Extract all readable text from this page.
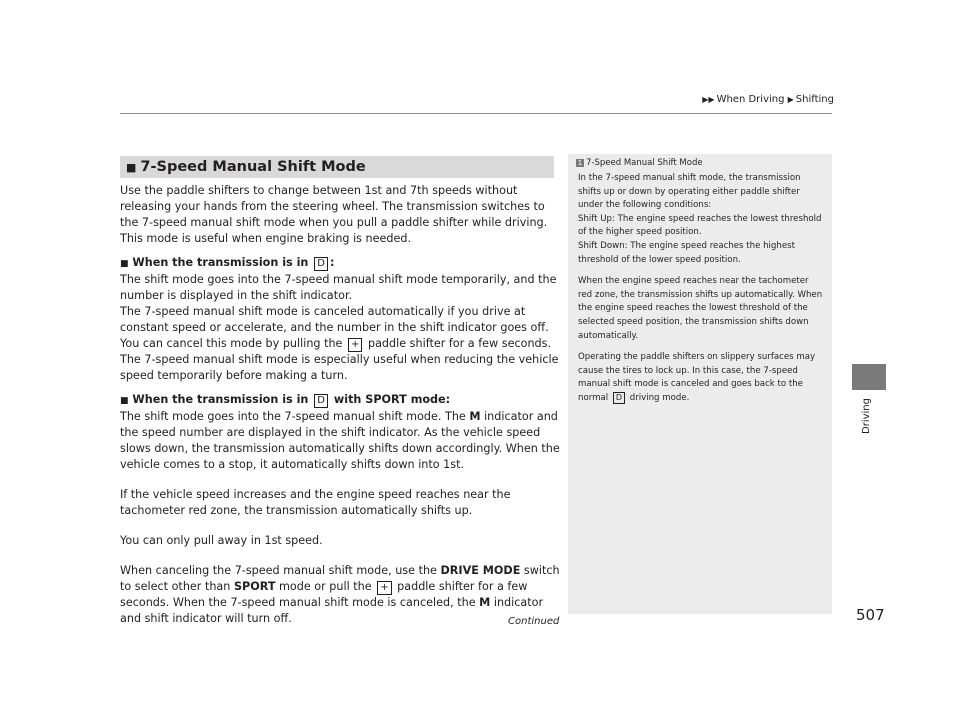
▶▶ When Driving ▶ Shifting
Driving
■ 7-Speed Manual Shift Mode

Use the paddle shifters to change between 1st and 7th speeds without releasing your hands from the steering wheel. The transmission switches to the 7-speed manual shift mode when you pull a paddle shifter while driving. This mode is useful when engine braking is needed.

■ When the transmission is in D :

The shift mode goes into the 7-speed manual shift mode temporarily, and the number is displayed in the shift indicator.

The 7-speed manual shift mode is canceled automatically if you drive at constant speed or accelerate, and the number in the shift indicator goes off.

You can cancel this mode by pulling the + paddle shifter for a few seconds.

The 7-speed manual shift mode is especially useful when reducing the vehicle speed temporarily before making a turn.

■ When the transmission is in D with SPORT mode:

The shift mode goes into the 7-speed manual shift mode. The M indicator and the speed number are displayed in the shift indicator. As the vehicle speed slows down, the transmission automatically shifts down accordingly. When the vehicle comes to a stop, it automatically shifts down into 1st.

If the vehicle speed increases and the engine speed reaches near the tachometer red zone, the transmission automatically shifts up.

You can only pull away in 1st speed.

When canceling the 7-speed manual shift mode, use the DRIVE MODE switch to select other than SPORT mode or pull the + paddle shifter for a few seconds. When the 7-speed manual shift mode is canceled, the M indicator and shift indicator will turn off.

1 7-Speed Manual Shift Mode

In the 7-speed manual shift mode, the transmission shifts up or down by operating either paddle shifter under the following conditions:

Shift Up: The engine speed reaches the lowest threshold of the higher speed position.

Shift Down: The engine speed reaches the highest threshold of the lower speed position.

When the engine speed reaches near the tachometer red zone, the transmission shifts up automatically. When the engine speed reaches the lowest threshold of the selected speed position, the transmission shifts down automatically.

Operating the paddle shifters on slippery surfaces may cause the tires to lock up. In this case, the 7-speed manual shift mode is canceled and goes back to the normal D driving mode.

Continued	507
